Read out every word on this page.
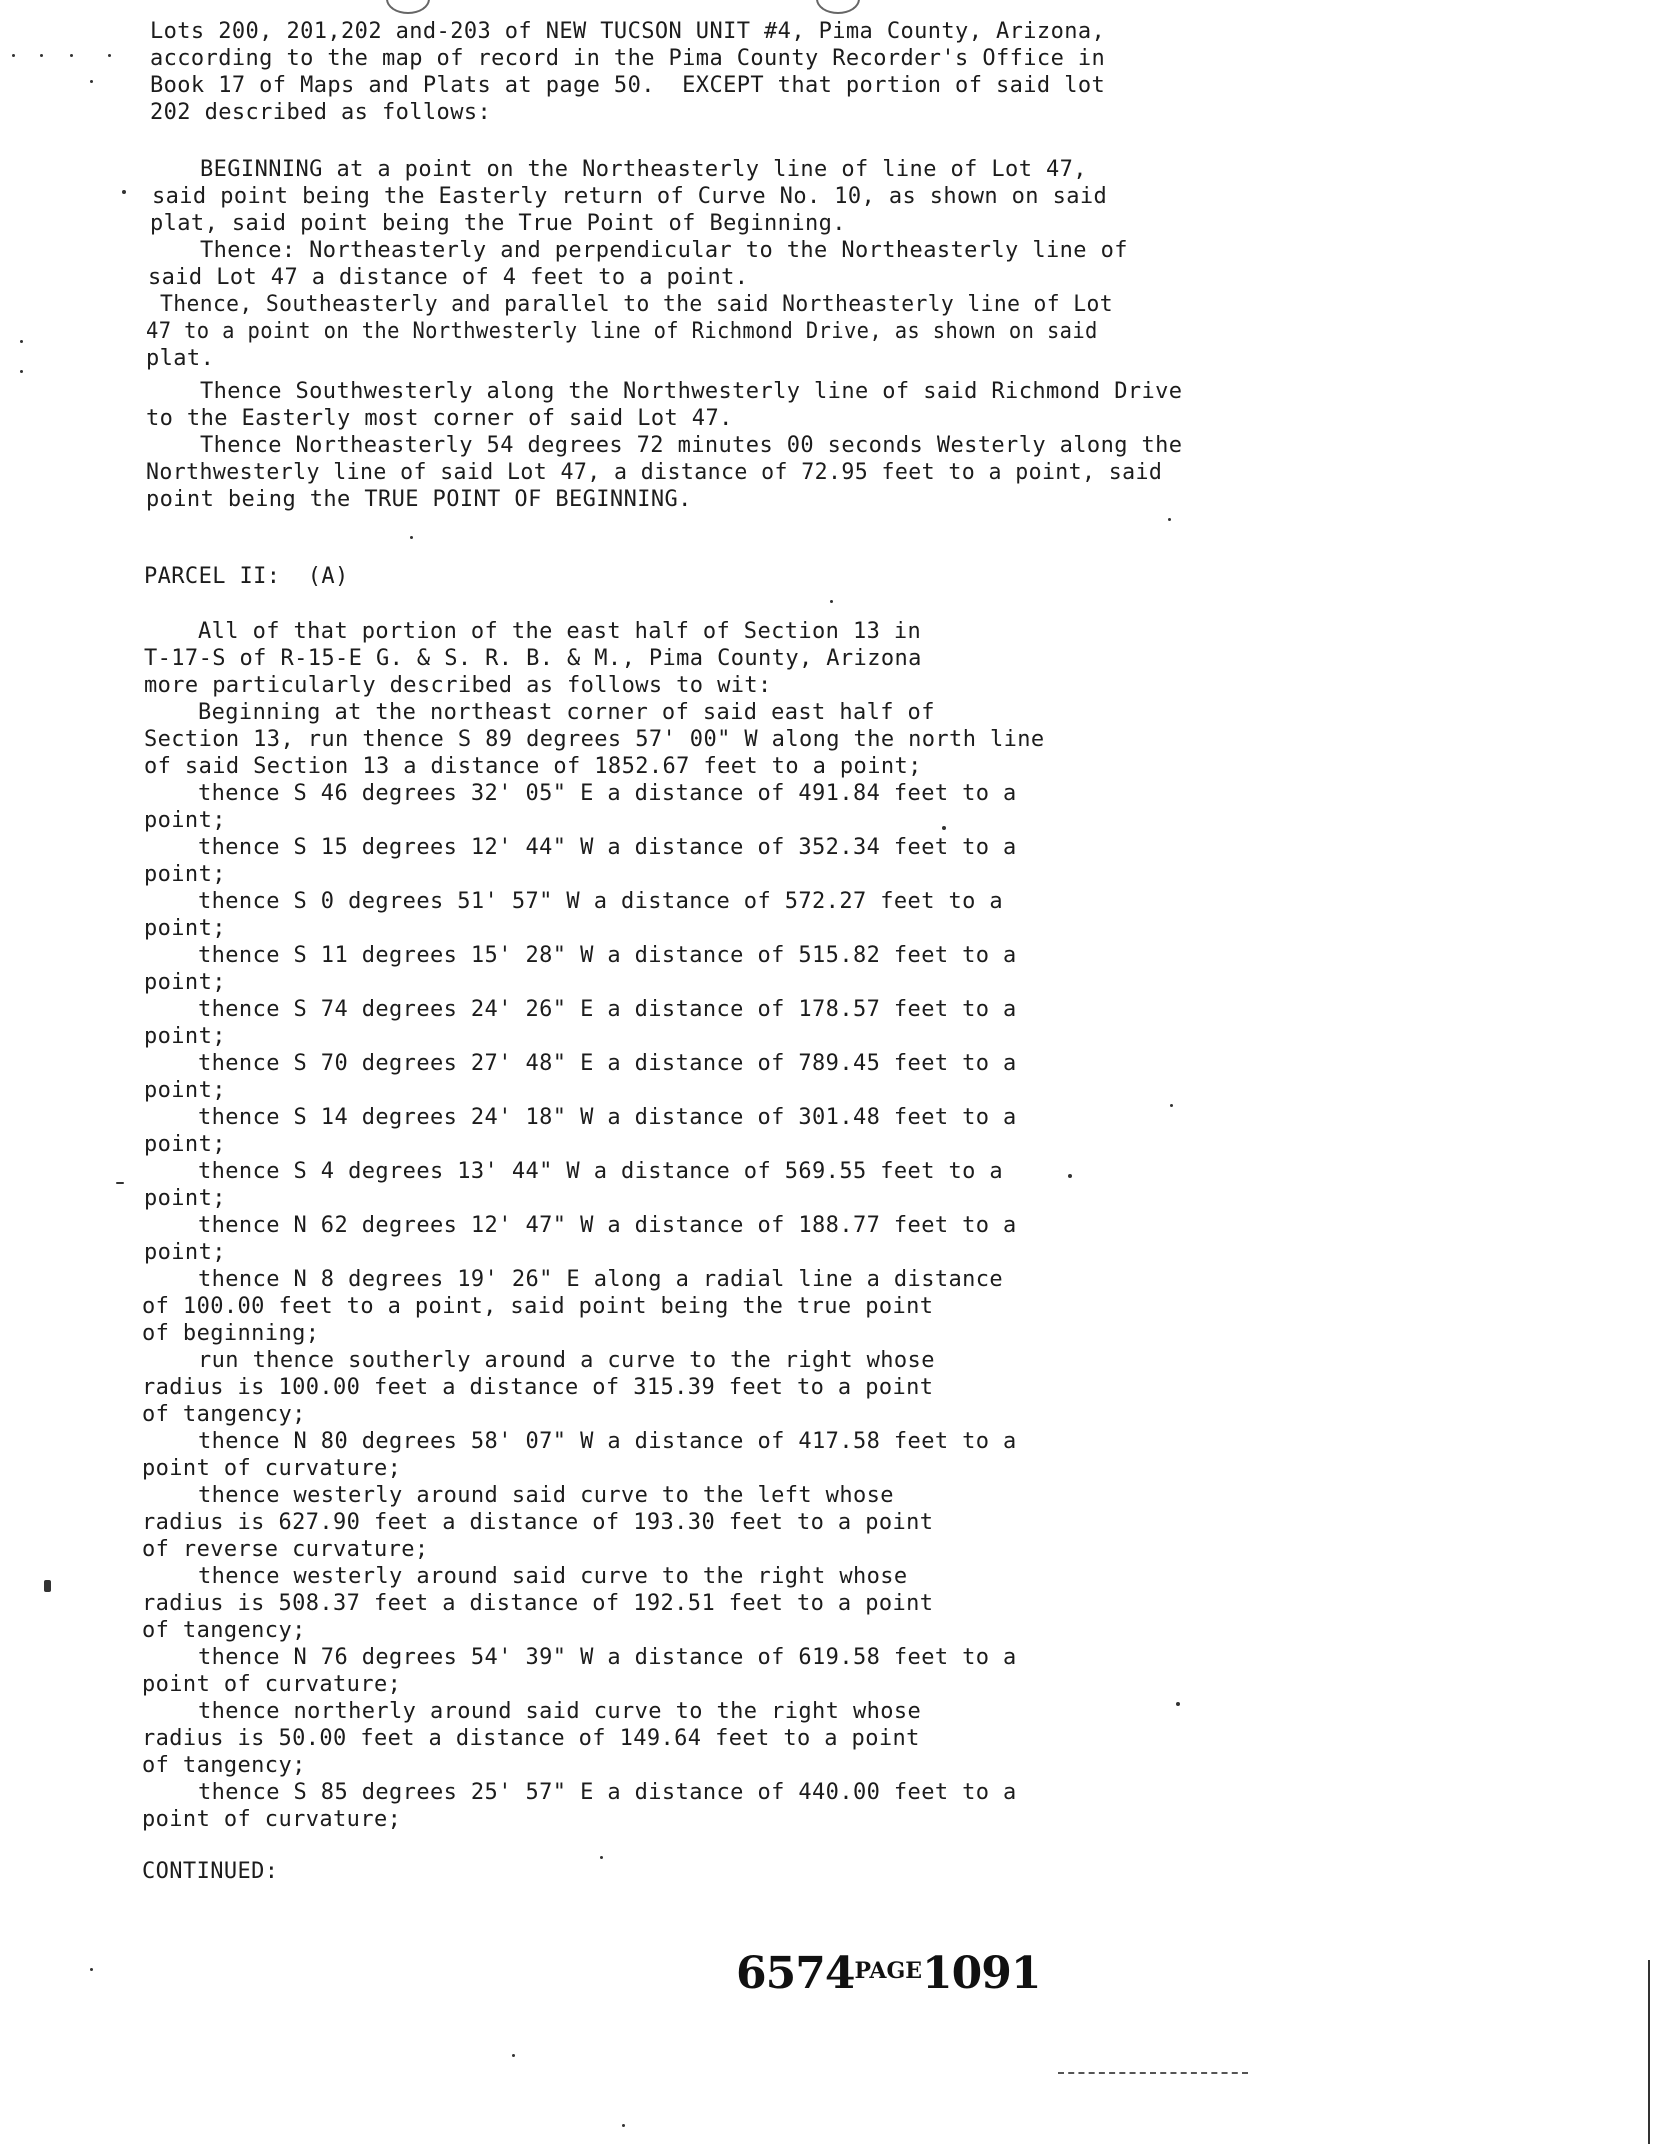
Lots 200, 201,202 and-203 of NEW TUCSON UNIT #4, Pima County, Arizona,
according to the map of record in the Pima County Recorder's Office in
Book 17 of Maps and Plats at page 50.  EXCEPT that portion of said lot
202 described as follows:
BEGINNING at a point on the Northeasterly line of line of Lot 47,
said point being the Easterly return of Curve No. 10, as shown on said
plat, said point being the True Point of Beginning.
Thence: Northeasterly and perpendicular to the Northeasterly line of
said Lot 47 a distance of 4 feet to a point.
Thence, Southeasterly and parallel to the said Northeasterly line of Lot
47 to a point on the Northwesterly line of Richmond Drive, as shown on said
plat.
Thence Southwesterly along the Northwesterly line of said Richmond Drive
to the Easterly most corner of said Lot 47.
Thence Northeasterly 54 degrees 72 minutes 00 seconds Westerly along the
Northwesterly line of said Lot 47, a distance of 72.95 feet to a point, said
point being the TRUE POINT OF BEGINNING.
PARCEL II:  (A)
All of that portion of the east half of Section 13 in
T-17-S of R-15-E G. & S. R. B. & M., Pima County, Arizona
more particularly described as follows to wit:
Beginning at the northeast corner of said east half of
Section 13, run thence S 89 degrees 57' 00" W along the north line
of said Section 13 a distance of 1852.67 feet to a point;
thence S 46 degrees 32' 05" E a distance of 491.84 feet to a
point;
thence S 15 degrees 12' 44" W a distance of 352.34 feet to a
point;
thence S 0 degrees 51' 57" W a distance of 572.27 feet to a
point;
thence S 11 degrees 15' 28" W a distance of 515.82 feet to a
point;
thence S 74 degrees 24' 26" E a distance of 178.57 feet to a
point;
thence S 70 degrees 27' 48" E a distance of 789.45 feet to a
point;
thence S 14 degrees 24' 18" W a distance of 301.48 feet to a
point;
thence S 4 degrees 13' 44" W a distance of 569.55 feet to a
point;
thence N 62 degrees 12' 47" W a distance of 188.77 feet to a
point;
thence N 8 degrees 19' 26" E along a radial line a distance
of 100.00 feet to a point, said point being the true point
of beginning;
run thence southerly around a curve to the right whose
radius is 100.00 feet a distance of 315.39 feet to a point
of tangency;
thence N 80 degrees 58' 07" W a distance of 417.58 feet to a
point of curvature;
thence westerly around said curve to the left whose
radius is 627.90 feet a distance of 193.30 feet to a point
of reverse curvature;
thence westerly around said curve to the right whose
radius is 508.37 feet a distance of 192.51 feet to a point
of tangency;
thence N 76 degrees 54' 39" W a distance of 619.58 feet to a
point of curvature;
thence northerly around said curve to the right whose
radius is 50.00 feet a distance of 149.64 feet to a point
of tangency;
thence S 85 degrees 25' 57" E a distance of 440.00 feet to a
point of curvature;
CONTINUED:
$6574^{PAGE}1091$
